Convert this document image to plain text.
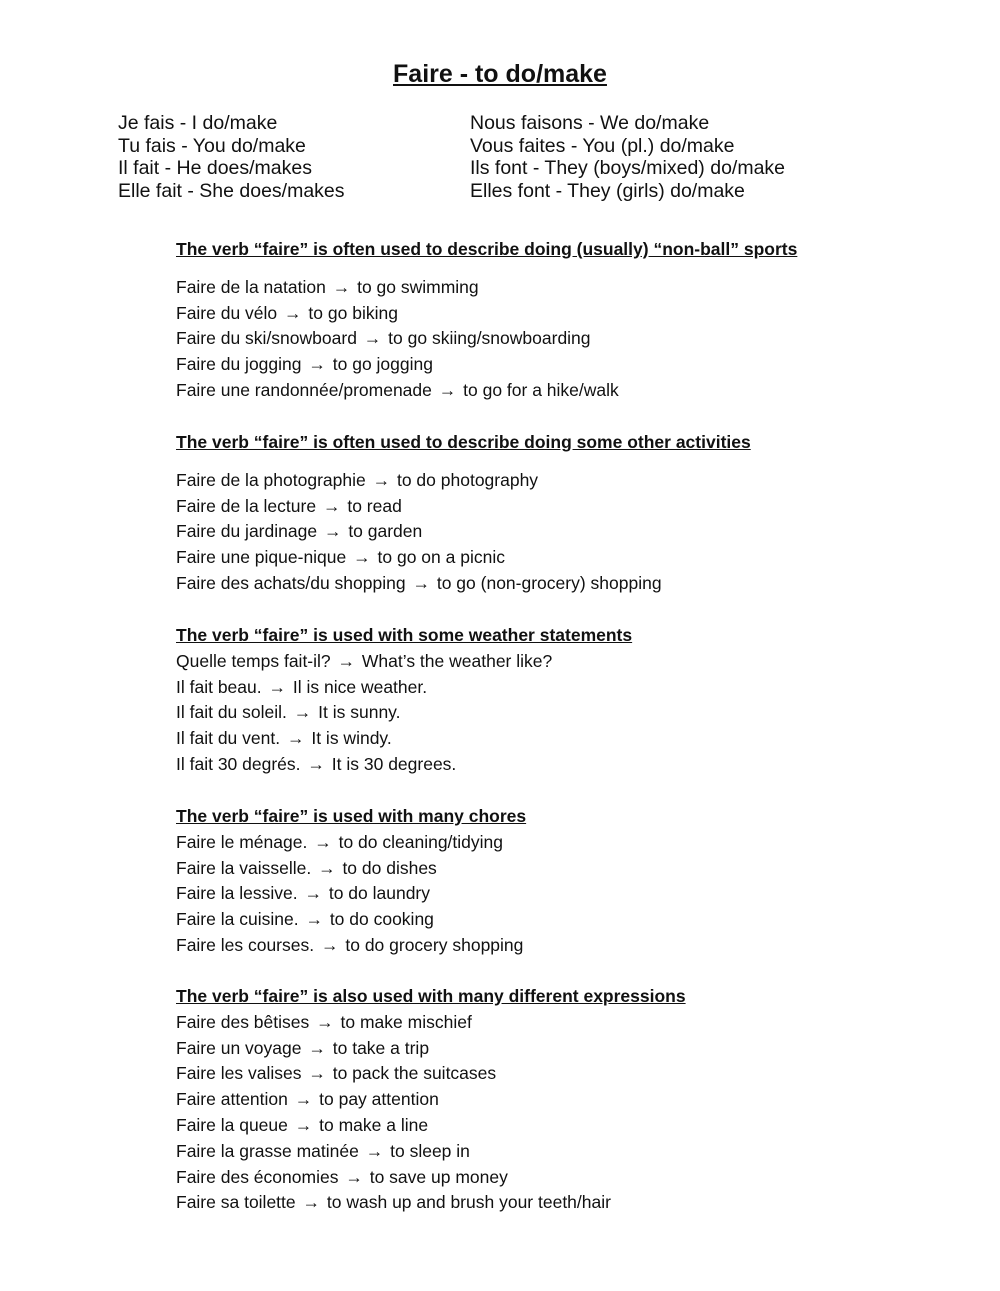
Faire - to do/make
Je fais - I do/make
Tu fais - You do/make
Il fait - He does/makes
Elle fait - She does/makes
Nous faisons - We do/make
Vous faites - You (pl.) do/make
Ils font - They (boys/mixed) do/make
Elles font - They (girls) do/make
The verb “faire” is often used to describe doing (usually) “non-ball” sports
Faire de la natation → to go swimming
Faire du vélo → to go biking
Faire du ski/snowboard → to go skiing/snowboarding
Faire du jogging → to go jogging
Faire une randonnée/promenade → to go for a hike/walk
The verb “faire” is often used to describe doing some other activities
Faire de la photographie → to do photography
Faire de la lecture → to read
Faire du jardinage → to garden
Faire une pique-nique → to go on a picnic
Faire des achats/du shopping → to go (non-grocery) shopping
The verb “faire” is used with some weather statements
Quelle temps fait-il? → What’s the weather like?
Il fait beau. → Il is nice weather.
Il fait du soleil. → It is sunny.
Il fait du vent. → It is windy.
Il fait 30 degrés. → It is 30 degrees.
The verb “faire” is used with many chores
Faire le ménage. → to do cleaning/tidying
Faire la vaisselle. → to do dishes
Faire la lessive. → to do laundry
Faire la cuisine. → to do cooking
Faire les courses. → to do grocery shopping
The verb “faire” is also used with many different expressions
Faire des bêtises → to make mischief
Faire un voyage → to take a trip
Faire les valises → to pack the suitcases
Faire attention → to pay attention
Faire la queue → to make a line
Faire la grasse matinée → to sleep in
Faire des économies → to save up money
Faire sa toilette → to wash up and brush your teeth/hair
